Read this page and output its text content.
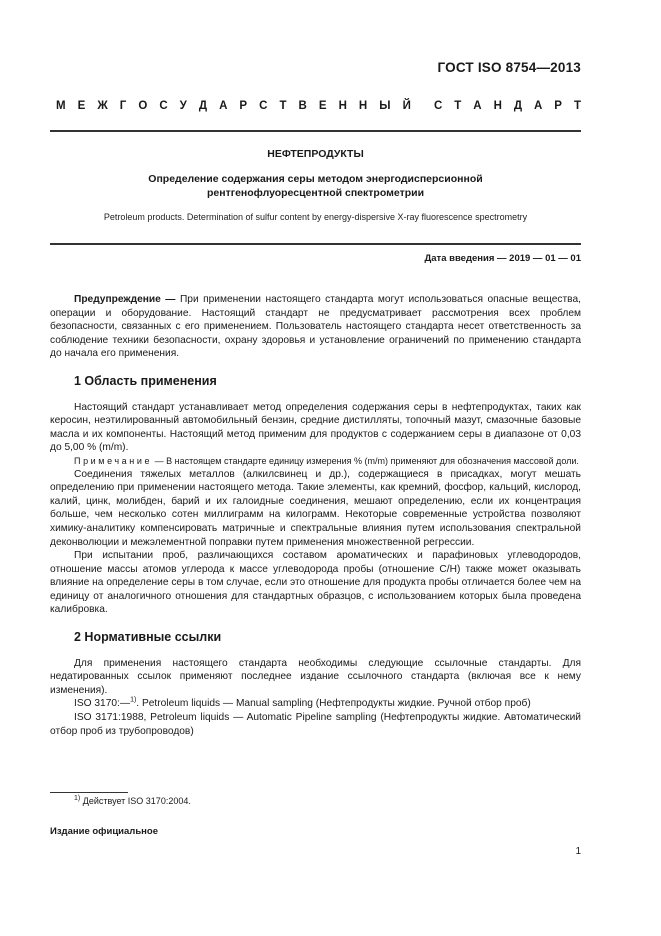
ГОСТ ISO 8754—2013
М Е Ж Г О С У Д А Р С Т В Е Н Н Ы Й С Т А Н Д А Р Т
НЕФТЕПРОДУКТЫ
Определение содержания серы методом энергодисперсионной
рентгенофлуоресцентной спектрометрии
Petroleum products. Determination of sulfur content by energy-dispersive X-ray fluorescence spectrometry
Дата введения — 2019 — 01 — 01

Предупреждение — При применении настоящего стандарта могут использоваться опасные вещества, операции и оборудование. Настоящий стандарт не предусматривает рассмотрения всех проблем безопасности, связанных с его применением. Пользователь настоящего стандарта несет ответственность за соблюдение техники безопасности, охрану здоровья и установление ограничений по применению стандарта до начала его применения.

1 Область применения

Настоящий стандарт устанавливает метод определения содержания серы в нефтепродуктах, таких как керосин, неэтилированный автомобильный бензин, средние дистилляты, топочный мазут, смазочные базовые масла и их компоненты. Настоящий метод применим для продуктов с содержанием серы в диапазоне от 0,03 до 5,00 % (m/m).

Примечание — В настоящем стандарте единицу измерения % (m/m) применяют для обозначения массовой доли.

Соединения тяжелых металлов (алкилсвинец и др.), содержащиеся в присадках, могут мешать определению при применении настоящего метода. Такие элементы, как кремний, фосфор, кальций, кислород, калий, цинк, молибден, барий и их галоидные соединения, мешают определению, если их концентрация больше, чем несколько сотен миллиграмм на килограмм. Некоторые современные устройства позволяют химику-аналитику компенсировать матричные и спектральные влияния путем использования спектральной деконволюции и межэлементной поправки путем применения множественной регрессии.

При испытании проб, различающихся составом ароматических и парафиновых углеводородов, отношение массы атомов углерода к массе углеводорода пробы (отношение С/Н) также может оказывать влияние на определение серы в том случае, если это отношение для продукта пробы отличается более чем на единицу от аналогичного отношения для стандартных образцов, с использованием которых была проведена калибровка.

2 Нормативные ссылки

Для применения настоящего стандарта необходимы следующие ссылочные стандарты. Для недатированных ссылок применяют последнее издание ссылочного стандарта (включая все к нему изменения).

ISO 3170:—$^{1)}$. Petroleum liquids — Manual sampling (Нефтепродукты жидкие. Ручной отбор проб)

ISO 3171:1988, Petroleum liquids — Automatic Pipeline sampling (Нефтепродукты жидкие. Автоматический отбор проб из трубопроводов)

$^{1)}$ Действует ISO 3170:2004.
Издание официальное
1
